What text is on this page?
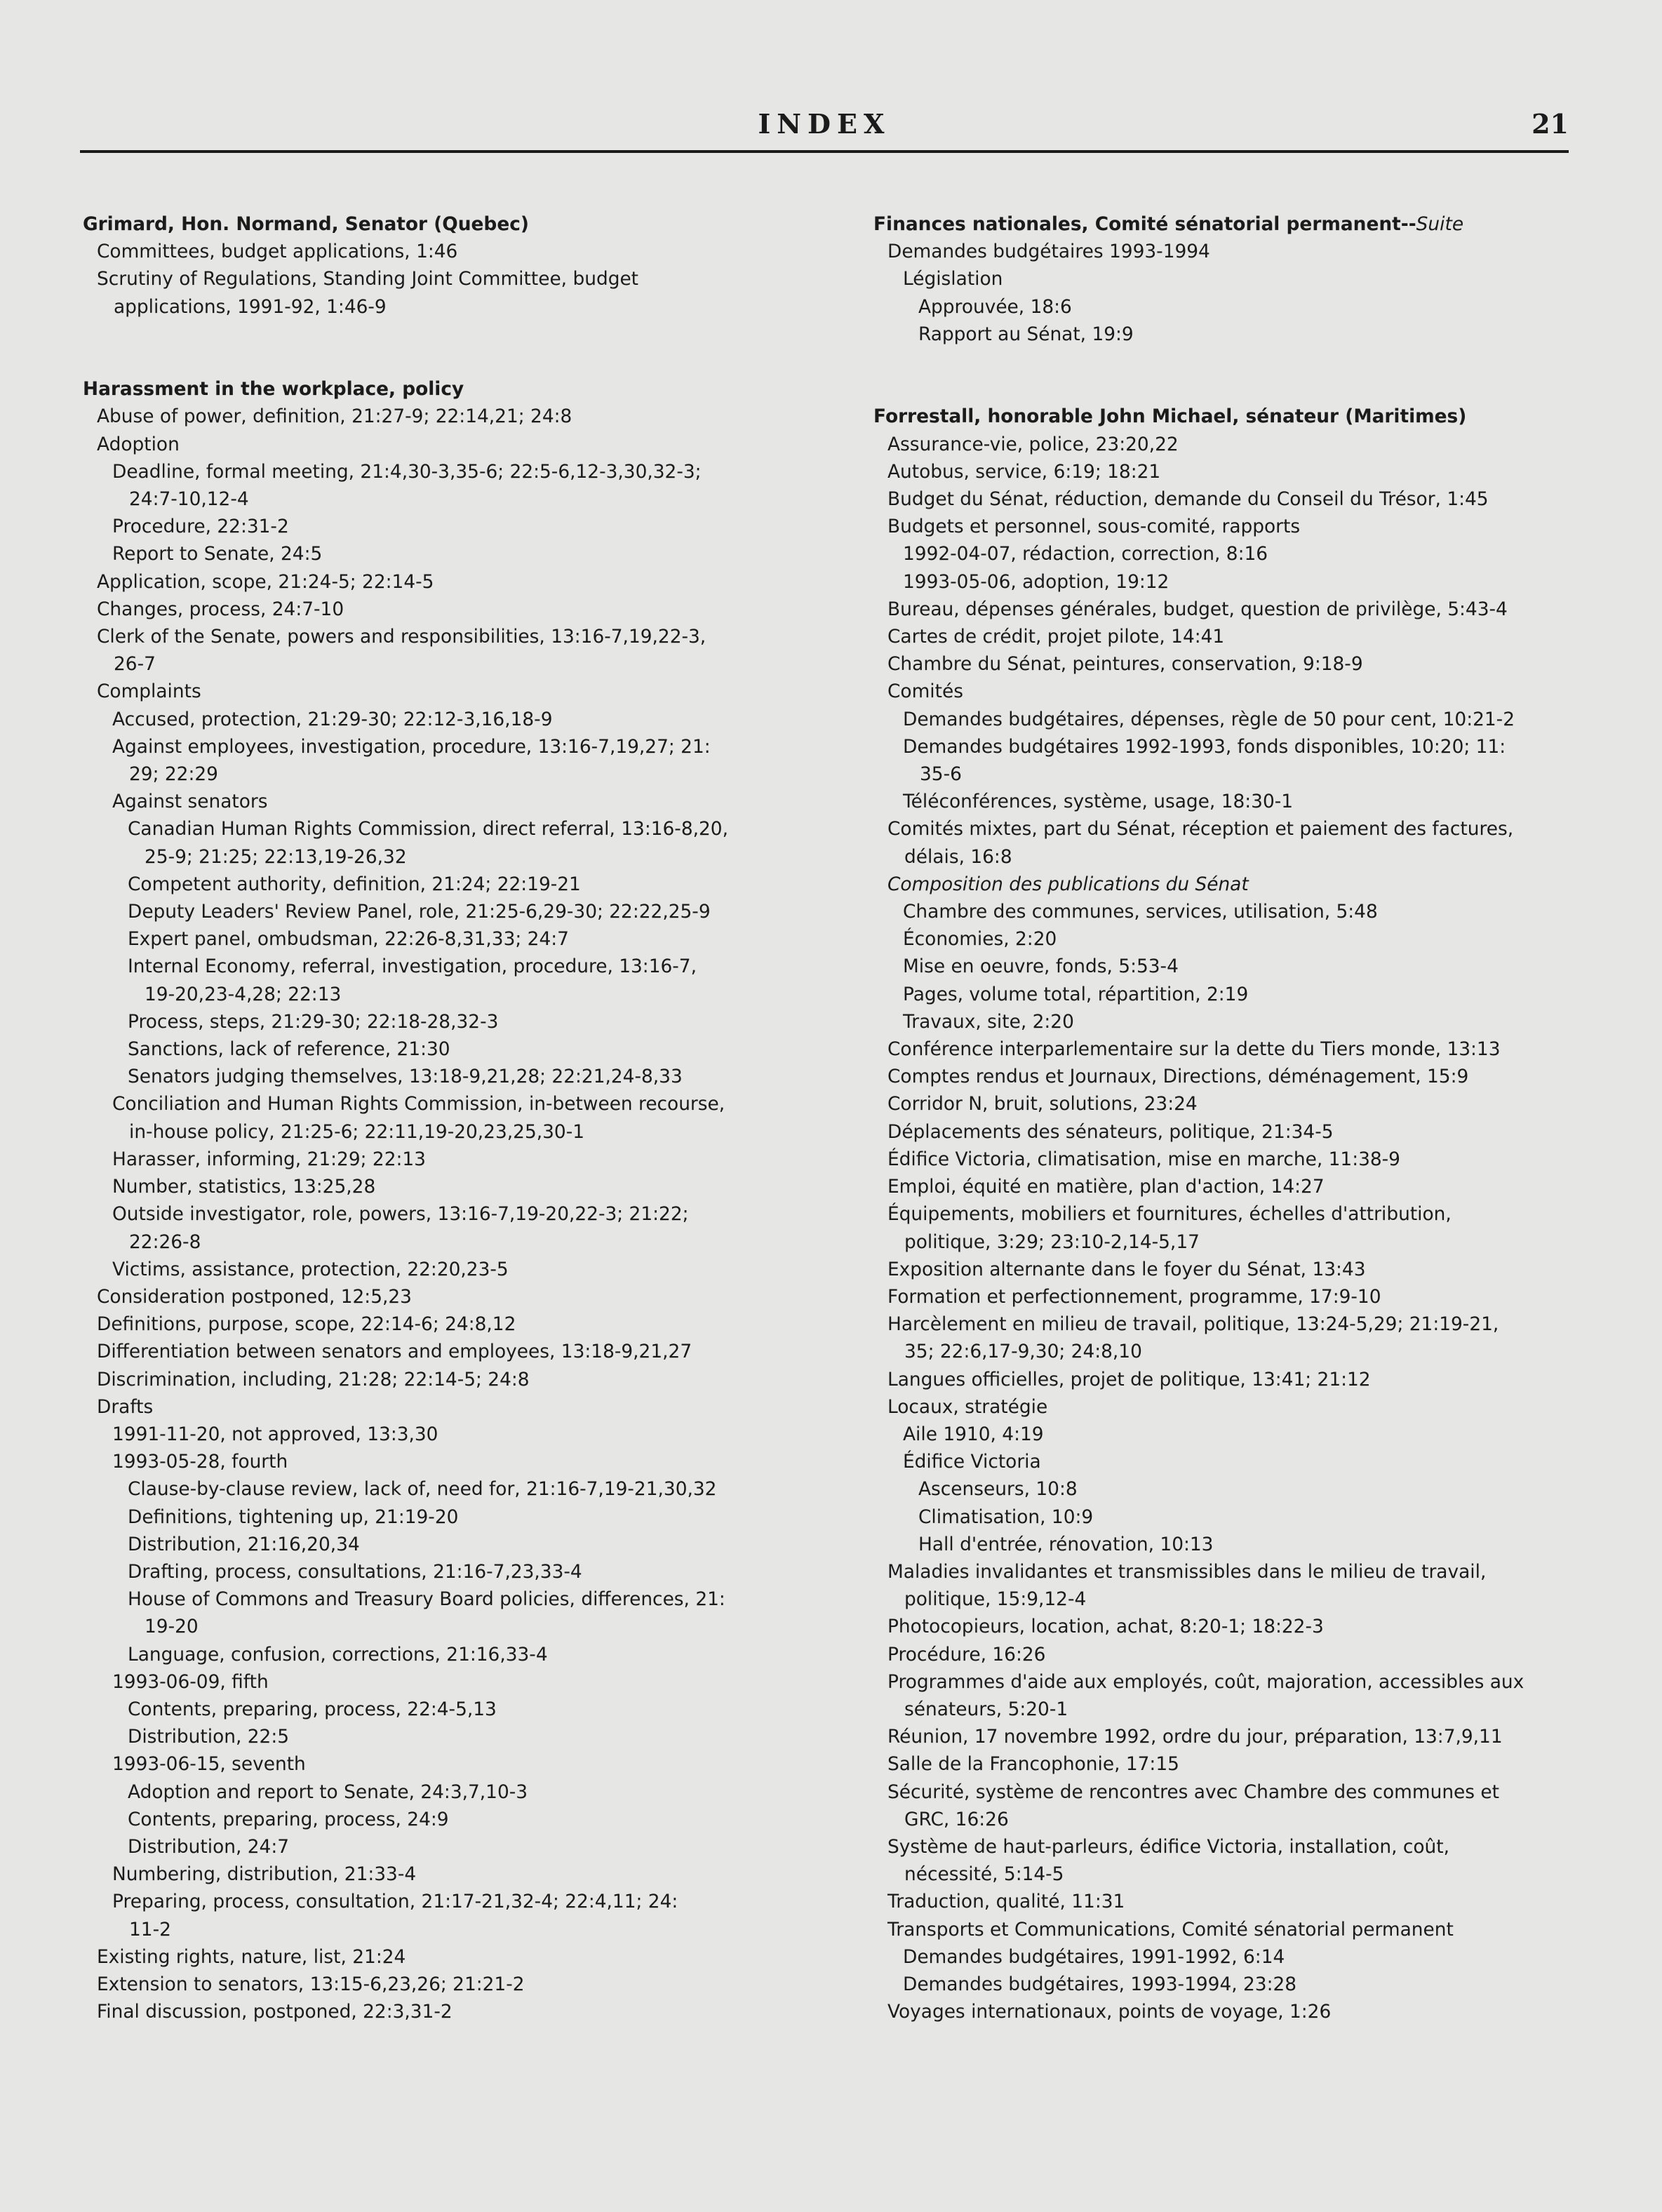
INDEX	21
Grimard, Hon. Normand, Senator (Quebec)
Committees, budget applications, 1:46
Scrutiny of Regulations, Standing Joint Committee, budget
applications, 1991-92, 1:46-9
Harassment in the workplace, policy
Abuse of power, definition, 21:27-9; 22:14,21; 24:8
Adoption
Deadline, formal meeting, 21:4,30-3,35-6; 22:5-6,12-3,30,32-3;
24:7-10,12-4
Procedure, 22:31-2
Report to Senate, 24:5
Application, scope, 21:24-5; 22:14-5
Changes, process, 24:7-10
Clerk of the Senate, powers and responsibilities, 13:16-7,19,22-3,
26-7
Complaints
Accused, protection, 21:29-30; 22:12-3,16,18-9
Against employees, investigation, procedure, 13:16-7,19,27; 21:
29; 22:29
Against senators
Canadian Human Rights Commission, direct referral, 13:16-8,20,
25-9; 21:25; 22:13,19-26,32
Competent authority, definition, 21:24; 22:19-21
Deputy Leaders' Review Panel, role, 21:25-6,29-30; 22:22,25-9
Expert panel, ombudsman, 22:26-8,31,33; 24:7
Internal Economy, referral, investigation, procedure, 13:16-7,
19-20,23-4,28; 22:13
Process, steps, 21:29-30; 22:18-28,32-3
Sanctions, lack of reference, 21:30
Senators judging themselves, 13:18-9,21,28; 22:21,24-8,33
Conciliation and Human Rights Commission, in-between recourse,
in-house policy, 21:25-6; 22:11,19-20,23,25,30-1
Harasser, informing, 21:29; 22:13
Number, statistics, 13:25,28
Outside investigator, role, powers, 13:16-7,19-20,22-3; 21:22;
22:26-8
Victims, assistance, protection, 22:20,23-5
Consideration postponed, 12:5,23
Definitions, purpose, scope, 22:14-6; 24:8,12
Differentiation between senators and employees, 13:18-9,21,27
Discrimination, including, 21:28; 22:14-5; 24:8
Drafts
1991-11-20, not approved, 13:3,30
1993-05-28, fourth
Clause-by-clause review, lack of, need for, 21:16-7,19-21,30,32
Definitions, tightening up, 21:19-20
Distribution, 21:16,20,34
Drafting, process, consultations, 21:16-7,23,33-4
House of Commons and Treasury Board policies, differences, 21:
19-20
Language, confusion, corrections, 21:16,33-4
1993-06-09, fifth
Contents, preparing, process, 22:4-5,13
Distribution, 22:5
1993-06-15, seventh
Adoption and report to Senate, 24:3,7,10-3
Contents, preparing, process, 24:9
Distribution, 24:7
Numbering, distribution, 21:33-4
Preparing, process, consultation, 21:17-21,32-4; 22:4,11; 24:
11-2
Existing rights, nature, list, 21:24
Extension to senators, 13:15-6,23,26; 21:21-2
Final discussion, postponed, 22:3,31-2
Finances nationales, Comité sénatorial permanent--Suite
Demandes budgétaires 1993-1994
Législation
Approuvée, 18:6
Rapport au Sénat, 19:9
Forrestall, honorable John Michael, sénateur (Maritimes)
Assurance-vie, police, 23:20,22
Autobus, service, 6:19; 18:21
Budget du Sénat, réduction, demande du Conseil du Trésor, 1:45
Budgets et personnel, sous-comité, rapports
1992-04-07, rédaction, correction, 8:16
1993-05-06, adoption, 19:12
Bureau, dépenses générales, budget, question de privilège, 5:43-4
Cartes de crédit, projet pilote, 14:41
Chambre du Sénat, peintures, conservation, 9:18-9
Comités
Demandes budgétaires, dépenses, règle de 50 pour cent, 10:21-2
Demandes budgétaires 1992-1993, fonds disponibles, 10:20; 11:
35-6
Téléconférences, système, usage, 18:30-1
Comités mixtes, part du Sénat, réception et paiement des factures,
délais, 16:8
Composition des publications du Sénat
Chambre des communes, services, utilisation, 5:48
Économies, 2:20
Mise en oeuvre, fonds, 5:53-4
Pages, volume total, répartition, 2:19
Travaux, site, 2:20
Conférence interparlementaire sur la dette du Tiers monde, 13:13
Comptes rendus et Journaux, Directions, déménagement, 15:9
Corridor N, bruit, solutions, 23:24
Déplacements des sénateurs, politique, 21:34-5
Édifice Victoria, climatisation, mise en marche, 11:38-9
Emploi, équité en matière, plan d'action, 14:27
Équipements, mobiliers et fournitures, échelles d'attribution,
politique, 3:29; 23:10-2,14-5,17
Exposition alternante dans le foyer du Sénat, 13:43
Formation et perfectionnement, programme, 17:9-10
Harcèlement en milieu de travail, politique, 13:24-5,29; 21:19-21,
35; 22:6,17-9,30; 24:8,10
Langues officielles, projet de politique, 13:41; 21:12
Locaux, stratégie
Aile 1910, 4:19
Édifice Victoria
Ascenseurs, 10:8
Climatisation, 10:9
Hall d'entrée, rénovation, 10:13
Maladies invalidantes et transmissibles dans le milieu de travail,
politique, 15:9,12-4
Photocopieurs, location, achat, 8:20-1; 18:22-3
Procédure, 16:26
Programmes d'aide aux employés, coût, majoration, accessibles aux
sénateurs, 5:20-1
Réunion, 17 novembre 1992, ordre du jour, préparation, 13:7,9,11
Salle de la Francophonie, 17:15
Sécurité, système de rencontres avec Chambre des communes et
GRC, 16:26
Système de haut-parleurs, édifice Victoria, installation, coût,
nécessité, 5:14-5
Traduction, qualité, 11:31
Transports et Communications, Comité sénatorial permanent
Demandes budgétaires, 1991-1992, 6:14
Demandes budgétaires, 1993-1994, 23:28
Voyages internationaux, points de voyage, 1:26
